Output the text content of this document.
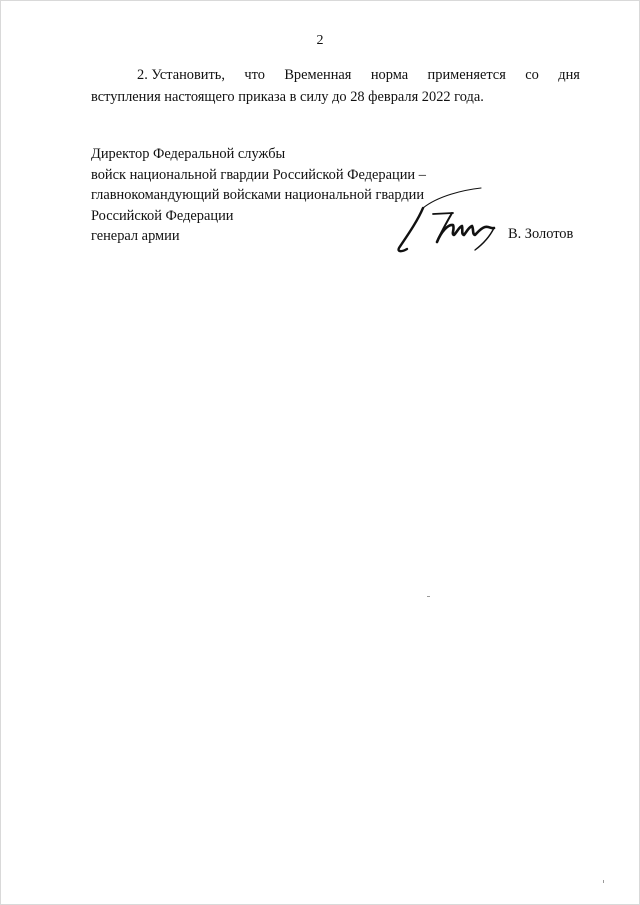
2
2. Установить, что Временная норма применяется со дня
вступления настоящего приказа в силу до 28 февраля 2022 года.
Директор Федеральной службы
войск национальной гвардии Российской Федерации –
главнокомандующий войсками национальной гвардии
Российской Федерации
генерал армии	В. Золотов
